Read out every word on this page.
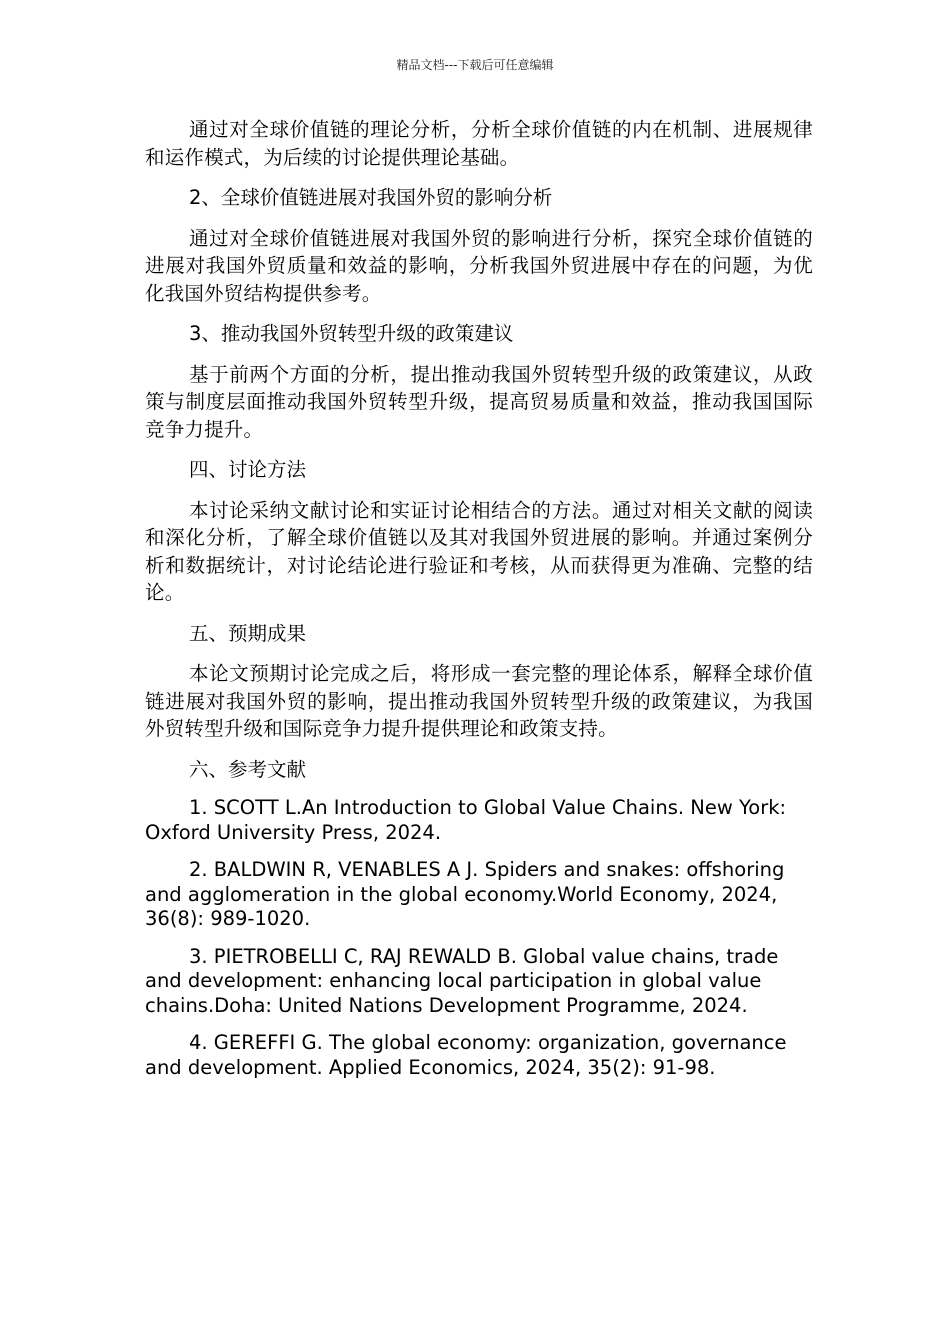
精品文档---下载后可任意编辑

通过对全球价值链的理论分析，分析全球价值链的内在机制、进展规律和运作模式，为后续的讨论提供理论基础。

2、全球价值链进展对我国外贸的影响分析

通过对全球价值链进展对我国外贸的影响进行分析，探究全球价值链的进展对我国外贸质量和效益的影响，分析我国外贸进展中存在的问题，为优化我国外贸结构提供参考。

3、推动我国外贸转型升级的政策建议

基于前两个方面的分析，提出推动我国外贸转型升级的政策建议，从政策与制度层面推动我国外贸转型升级，提高贸易质量和效益，推动我国国际竞争力提升。

四、讨论方法

本讨论采纳文献讨论和实证讨论相结合的方法。通过对相关文献的阅读和深化分析，了解全球价值链以及其对我国外贸进展的影响。并通过案例分析和数据统计，对讨论结论进行验证和考核，从而获得更为准确、完整的结论。

五、预期成果

本论文预期讨论完成之后，将形成一套完整的理论体系，解释全球价值链进展对我国外贸的影响，提出推动我国外贸转型升级的政策建议，为我国外贸转型升级和国际竞争力提升提供理论和政策支持。

六、参考文献

1. SCOTT L.An Introduction to Global Value Chains. New York: Oxford University Press, 2024.

2. BALDWIN R, VENABLES A J. Spiders and snakes: offshoring and agglomeration in the global economy.World Economy, 2024, 36(8): 989-1020.

3. PIETROBELLI C, RAJ REWALD B. Global value chains, trade and development: enhancing local participation in global value chains.Doha: United Nations Development Programme, 2024.

4. GEREFFI G. The global economy: organization, governance and development. Applied Economics, 2024, 35(2): 91-98.
